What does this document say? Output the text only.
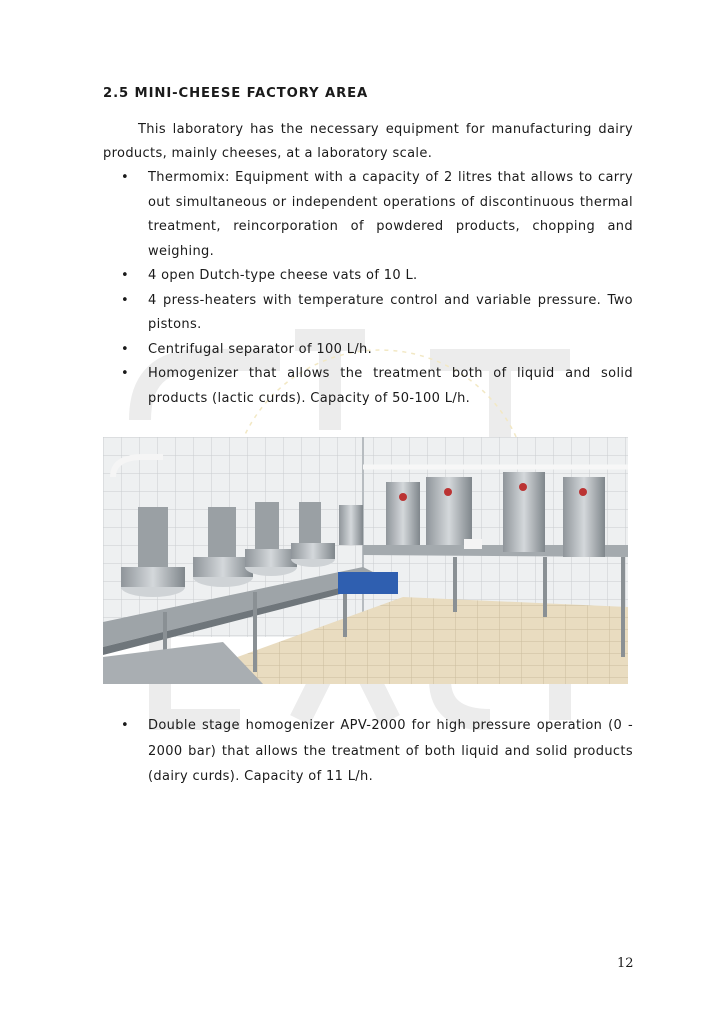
2.5 MINI-CHEESE FACTORY AREA
This laboratory has the necessary equipment for manufacturing dairy products, mainly cheeses, at a laboratory scale.
• Thermomix: Equipment with a capacity of 2 litres that allows to carry out simultaneous or independent operations of discontinuous thermal treatment, reincorporation of powdered products, chopping and weighing.
• 4 open Dutch-type cheese vats of 10 L.
• 4 press-heaters with temperature control and variable pressure. Two pistons.
• Centrifugal separator of 100 L/h.
• Homogenizer that allows the treatment both of liquid and solid products (lactic curds). Capacity of 50-100 L/h.
• Double stage homogenizer APV-2000 for high pressure operation (0 - 2000 bar) that allows the treatment of both liquid and solid products (dairy curds). Capacity of 11 L/h.
12
